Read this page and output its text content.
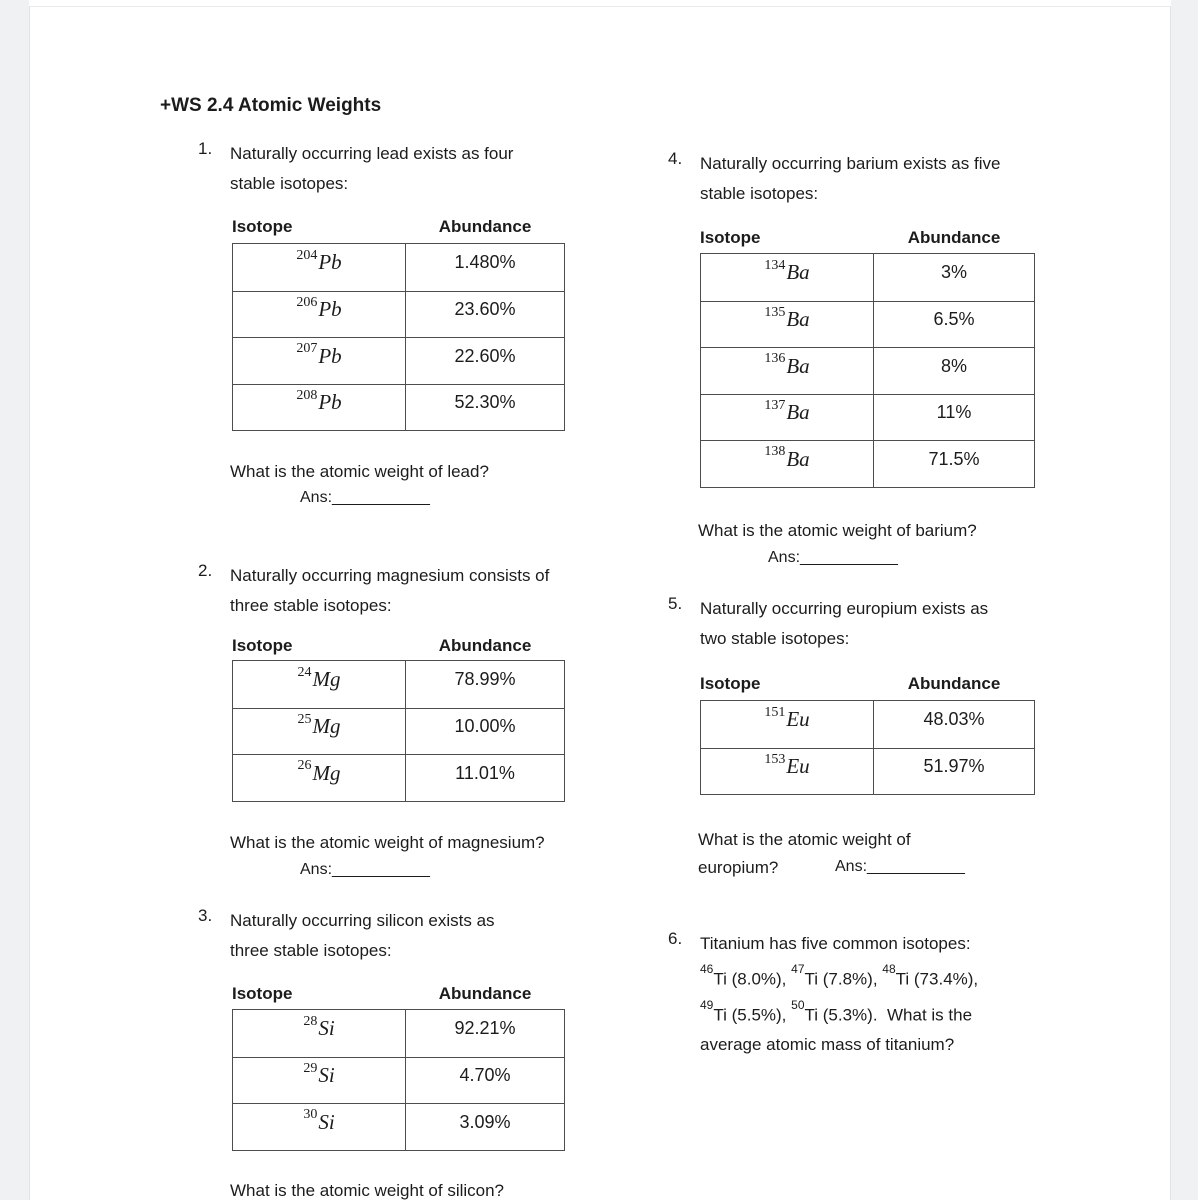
+WS 2.4 Atomic Weights
1. Naturally occurring lead exists as four
stable isotopes:
Isotope	Abundance
204 Pb	1.480%
206 Pb	23.60%
207 Pb	22.60%
208 Pb	52.30%
What is the atomic weight of lead?
Ans:___________
2. Naturally occurring magnesium consists of
three stable isotopes:
Isotope	Abundance
24 Mg	78.99%
25 Mg	10.00%
26 Mg	11.01%
What is the atomic weight of magnesium?
Ans:___________
3. Naturally occurring silicon exists as
three stable isotopes:
Isotope	Abundance
28 Si	92.21%
29 Si	4.70%
30 Si	3.09%
What is the atomic weight of silicon?
4. Naturally occurring barium exists as five
stable isotopes:
Isotope	Abundance
134 Ba	3%
135 Ba	6.5%
136 Ba	8%
137 Ba	11%
138 Ba	71.5%
What is the atomic weight of barium?
Ans:___________
5. Naturally occurring europium exists as
two stable isotopes:
Isotope	Abundance
151 Eu	48.03%
153 Eu	51.97%
What is the atomic weight of
europium?	Ans:___________
6. Titanium has five common isotopes:
$^{46}$Ti (8.0%), $^{47}$Ti (7.8%), $^{48}$Ti (73.4%),
$^{49}$Ti (5.5%), $^{50}$Ti (5.3%).  What is the
average atomic mass of titanium?
